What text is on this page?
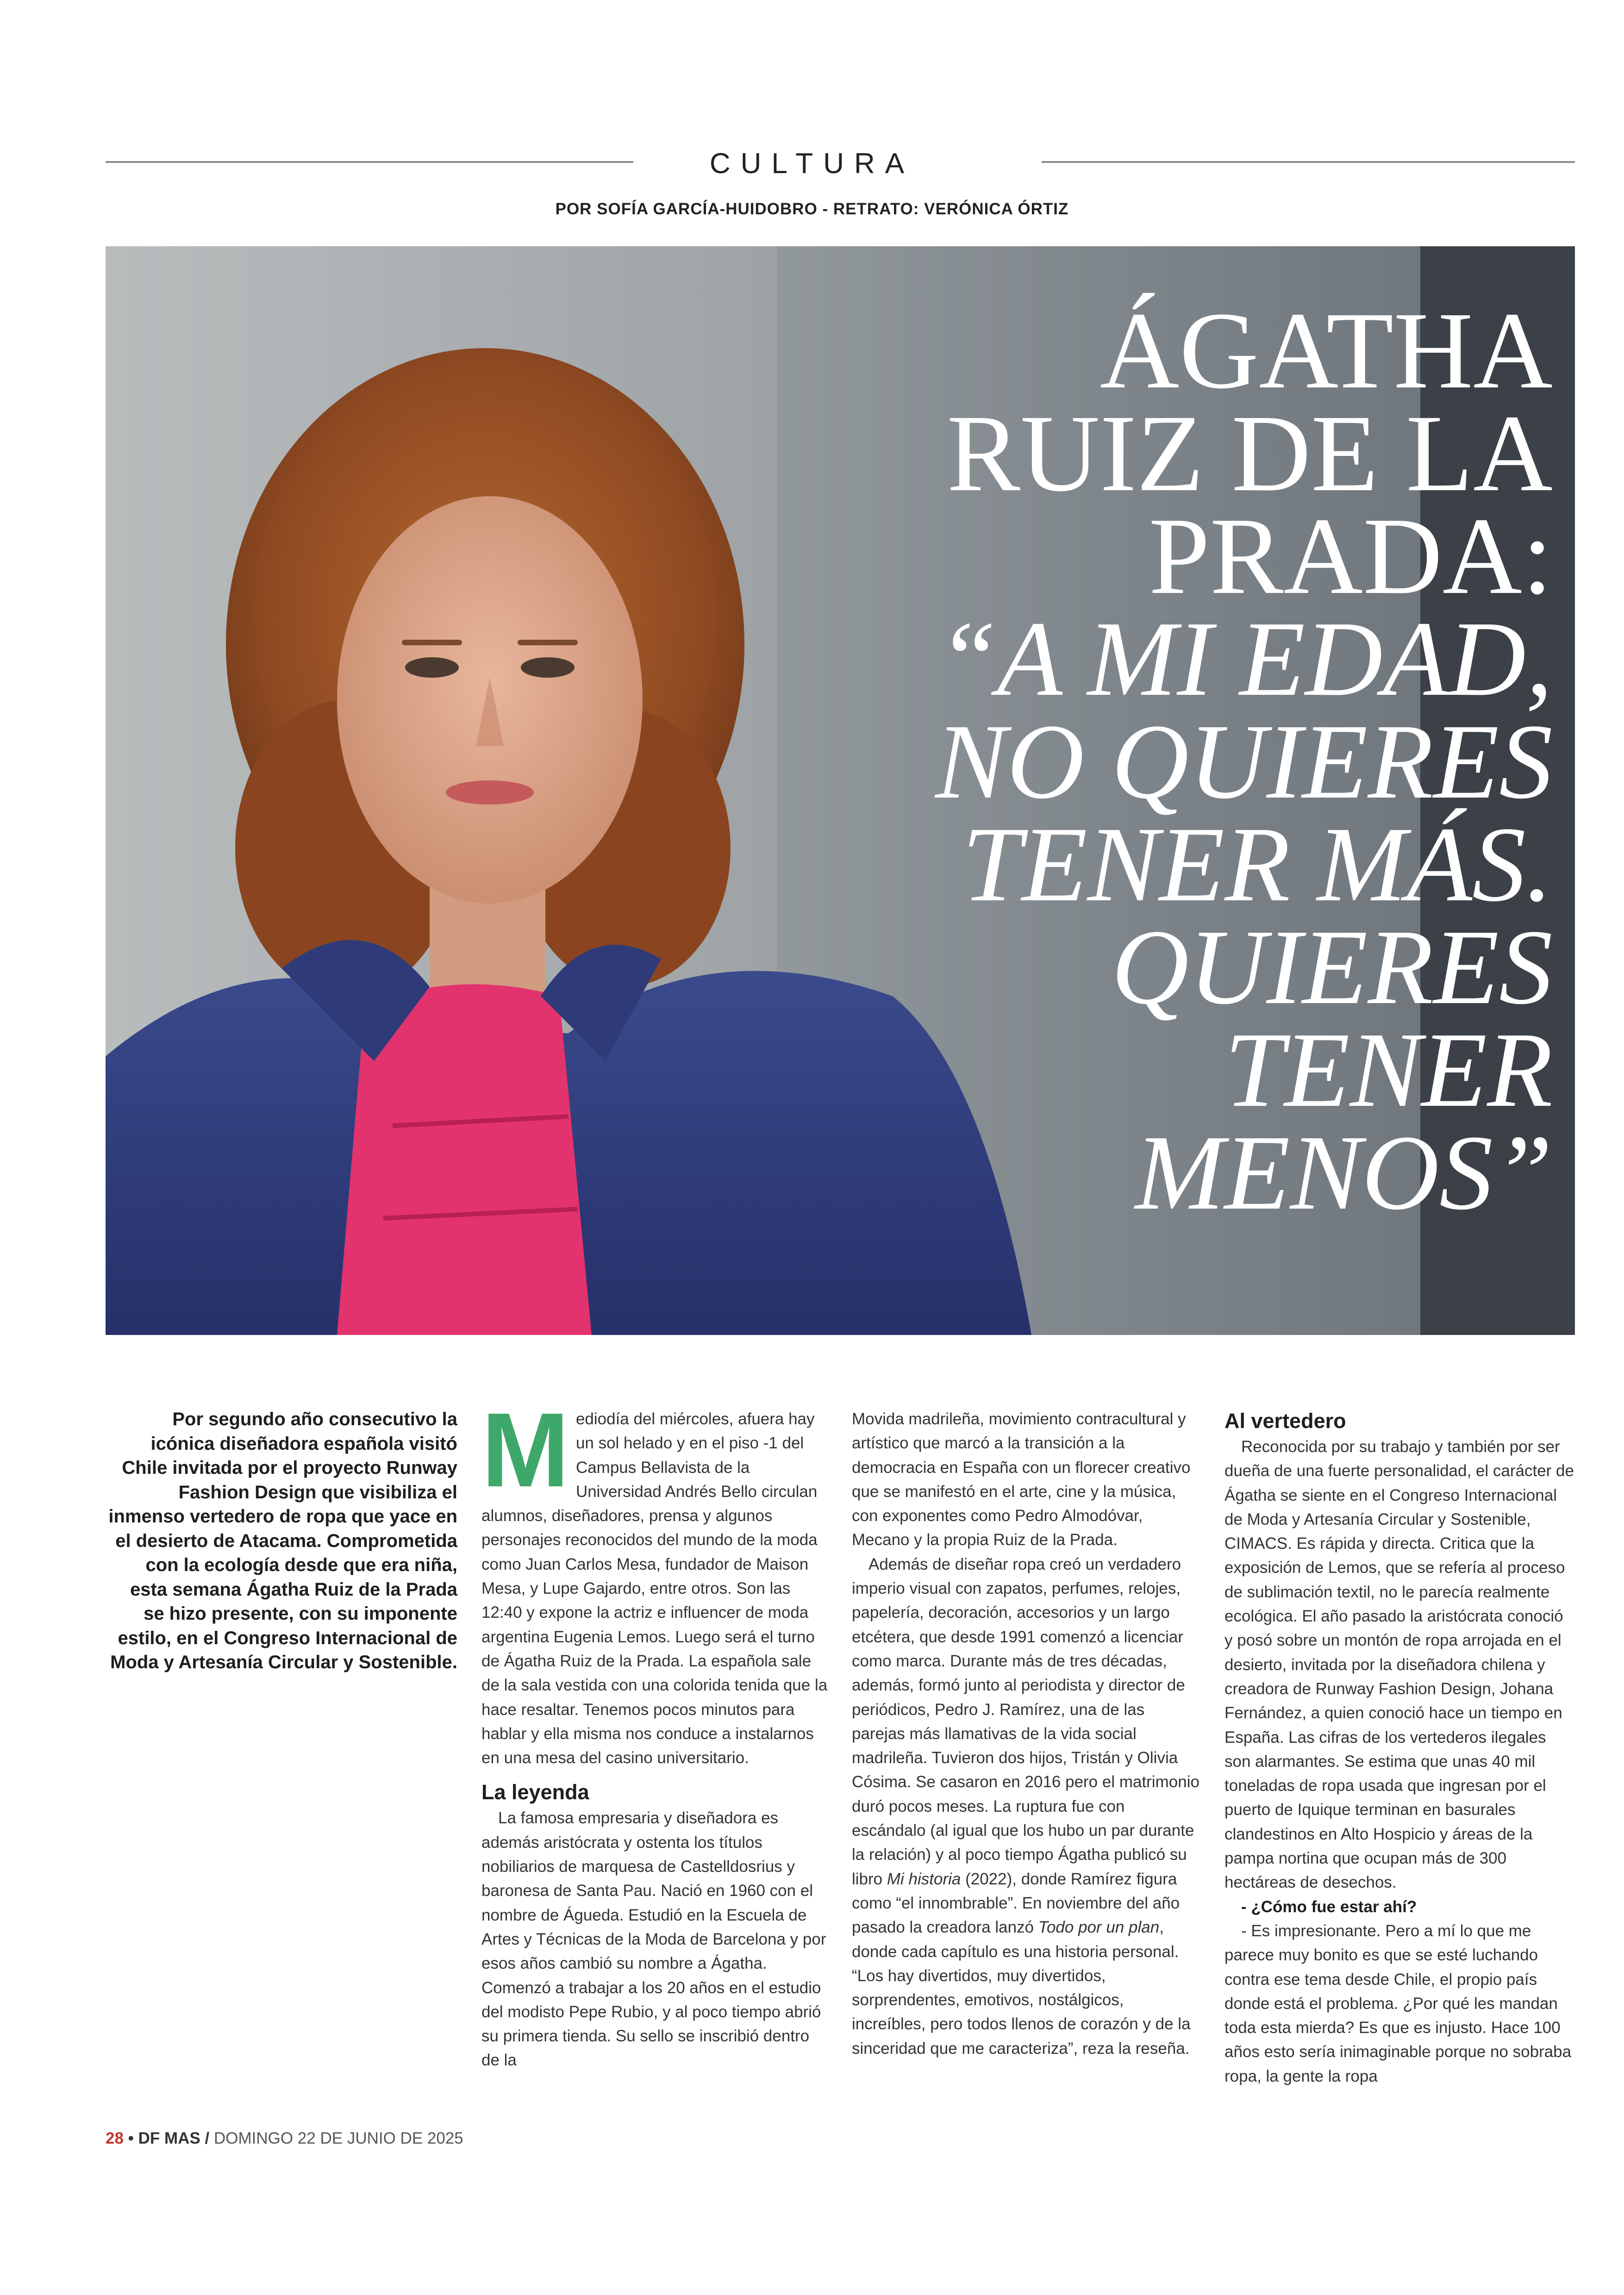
CULTURA
POR SOFÍA GARCÍA-HUIDOBRO - RETRATO: VERÓNICA ÓRTIZ
ÁGATHA
RUIZ DE LA
PRADA:
“A MI EDAD,
NO QUIERES
TENER MÁS.
QUIERES
TENER
MENOS”
Por segundo año consecutivo la icónica diseñadora española visitó Chile invitada por el proyecto Runway Fashion Design que visibiliza el inmenso vertedero de ropa que yace en el desierto de Atacama. Comprometida con la ecología desde que era niña, esta semana Ágatha Ruiz de la Prada se hizo presente, con su imponente estilo, en el Congreso Internacional de Moda y Artesanía Circular y Sostenible.

Mediodía del miércoles, afuera hay un sol helado y en el piso -1 del Campus Bellavista de la Universidad Andrés Bello circulan alumnos, diseñadores, prensa y algunos personajes reconocidos del mundo de la moda como Juan Carlos Mesa, fundador de Maison Mesa, y Lupe Gajardo, entre otros. Son las 12:40 y expone la actriz e influencer de moda argentina Eugenia Lemos. Luego será el turno de Ágatha Ruiz de la Prada. La española sale de la sala vestida con una colorida tenida que la hace resaltar. Tenemos pocos minutos para hablar y ella misma nos conduce a instalarnos en una mesa del casino universitario.

La leyenda

La famosa empresaria y diseñadora es además aristócrata y ostenta los títulos nobiliarios de marquesa de Castelldosrius y baronesa de Santa Pau. Nació en 1960 con el nombre de Águeda. Estudió en la Escuela de Artes y Técnicas de la Moda de Barcelona y por esos años cambió su nombre a Ágatha. Comenzó a trabajar a los 20 años en el estudio del modisto Pepe Rubio, y al poco tiempo abrió su primera tienda. Su sello se inscribió dentro de la

Movida madrileña, movimiento contracultural y artístico que marcó a la transición a la democracia en España con un florecer creativo que se manifestó en el arte, cine y la música, con exponentes como Pedro Almodóvar, Mecano y la propia Ruiz de la Prada.

Además de diseñar ropa creó un verdadero imperio visual con zapatos, perfumes, relojes, papelería, decoración, accesorios y un largo etcétera, que desde 1991 comenzó a licenciar como marca. Durante más de tres décadas, además, formó junto al periodista y director de periódicos, Pedro J. Ramírez, una de las parejas más llamativas de la vida social madrileña. Tuvieron dos hijos, Tristán y Olivia Cósima. Se casaron en 2016 pero el matrimonio duró pocos meses. La ruptura fue con escándalo (al igual que los hubo un par durante la relación) y al poco tiempo Ágatha publicó su libro Mi historia (2022), donde Ramírez figura como “el innombrable”. En noviembre del año pasado la creadora lanzó Todo por un plan, donde cada capítulo es una historia personal. “Los hay divertidos, muy divertidos, sorprendentes, emotivos, nostálgicos, increíbles, pero todos llenos de corazón y de la sinceridad que me caracteriza”, reza la reseña.

Al vertedero

Reconocida por su trabajo y también por ser dueña de una fuerte personalidad, el carácter de Ágatha se siente en el Congreso Internacional de Moda y Artesanía Circular y Sostenible, CIMACS. Es rápida y directa. Critica que la exposición de Lemos, que se refería al proceso de sublimación textil, no le parecía realmente ecológica. El año pasado la aristócrata conoció y posó sobre un montón de ropa arrojada en el desierto, invitada por la diseñadora chilena y creadora de Runway Fashion Design, Johana Fernández, a quien conoció hace un tiempo en España. Las cifras de los vertederos ilegales son alarmantes. Se estima que unas 40 mil toneladas de ropa usada que ingresan por el puerto de Iquique terminan en basurales clandestinos en Alto Hospicio y áreas de la pampa nortina que ocupan más de 300 hectáreas de desechos.

- ¿Cómo fue estar ahí?

- Es impresionante. Pero a mí lo que me parece muy bonito es que se esté luchando contra ese tema desde Chile, el propio país donde está el problema. ¿Por qué les mandan toda esta mierda? Es que es injusto. Hace 100 años esto sería inimaginable porque no sobraba ropa, la gente la ropa

28 • DF MAS / DOMINGO 22 DE JUNIO DE 2025
